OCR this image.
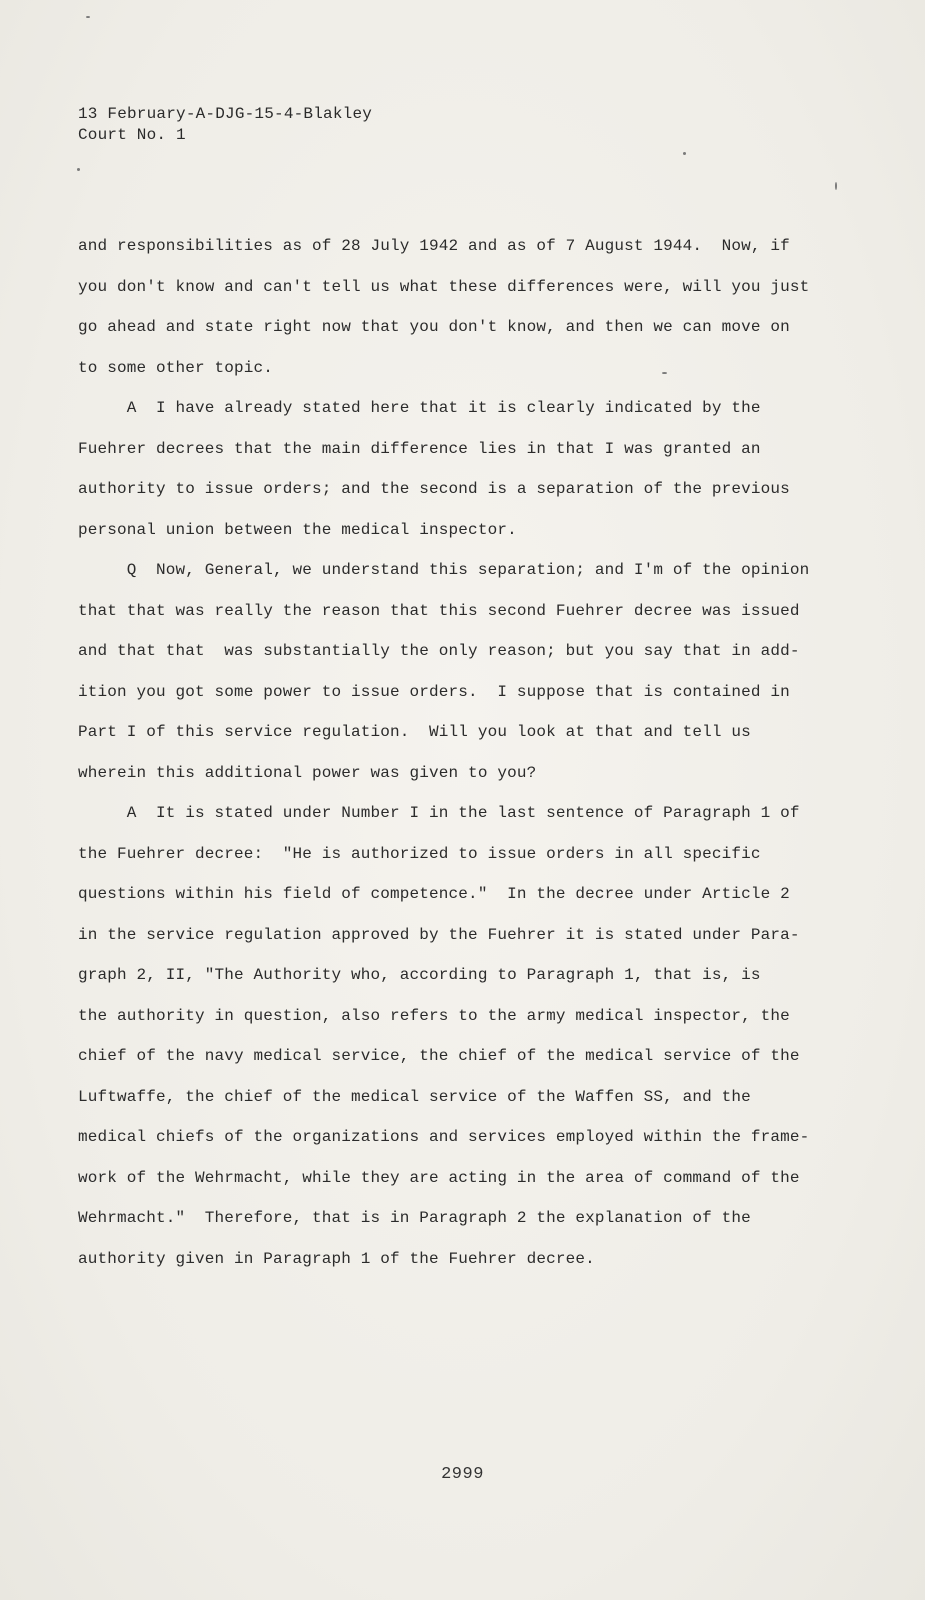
13 February-A-DJG-15-4-Blakley
Court No. 1
and responsibilities as of 28 July 1942 and as of 7 August 1944.  Now, if
you don't know and can't tell us what these differences were, will you just
go ahead and state right now that you don't know, and then we can move on
to some other topic.
A  I have already stated here that it is clearly indicated by the
Fuehrer decrees that the main difference lies in that I was granted an
authority to issue orders; and the second is a separation of the previous
personal union between the medical inspector.
Q  Now, General, we understand this separation; and I'm of the opinion
that that was really the reason that this second Fuehrer decree was issued
and that that  was substantially the only reason; but you say that in add-
ition you got some power to issue orders.  I suppose that is contained in
Part I of this service regulation.  Will you look at that and tell us
wherein this additional power was given to you?
A  It is stated under Number I in the last sentence of Paragraph 1 of
the Fuehrer decree:  "He is authorized to issue orders in all specific
questions within his field of competence."  In the decree under Article 2
in the service regulation approved by the Fuehrer it is stated under Para-
graph 2, II, "The Authority who, according to Paragraph 1, that is, is
the authority in question, also refers to the army medical inspector, the
chief of the navy medical service, the chief of the medical service of the
Luftwaffe, the chief of the medical service of the Waffen SS, and the
medical chiefs of the organizations and services employed within the frame-
work of the Wehrmacht, while they are acting in the area of command of the
Wehrmacht."  Therefore, that is in Paragraph 2 the explanation of the
authority given in Paragraph 1 of the Fuehrer decree.
2999
